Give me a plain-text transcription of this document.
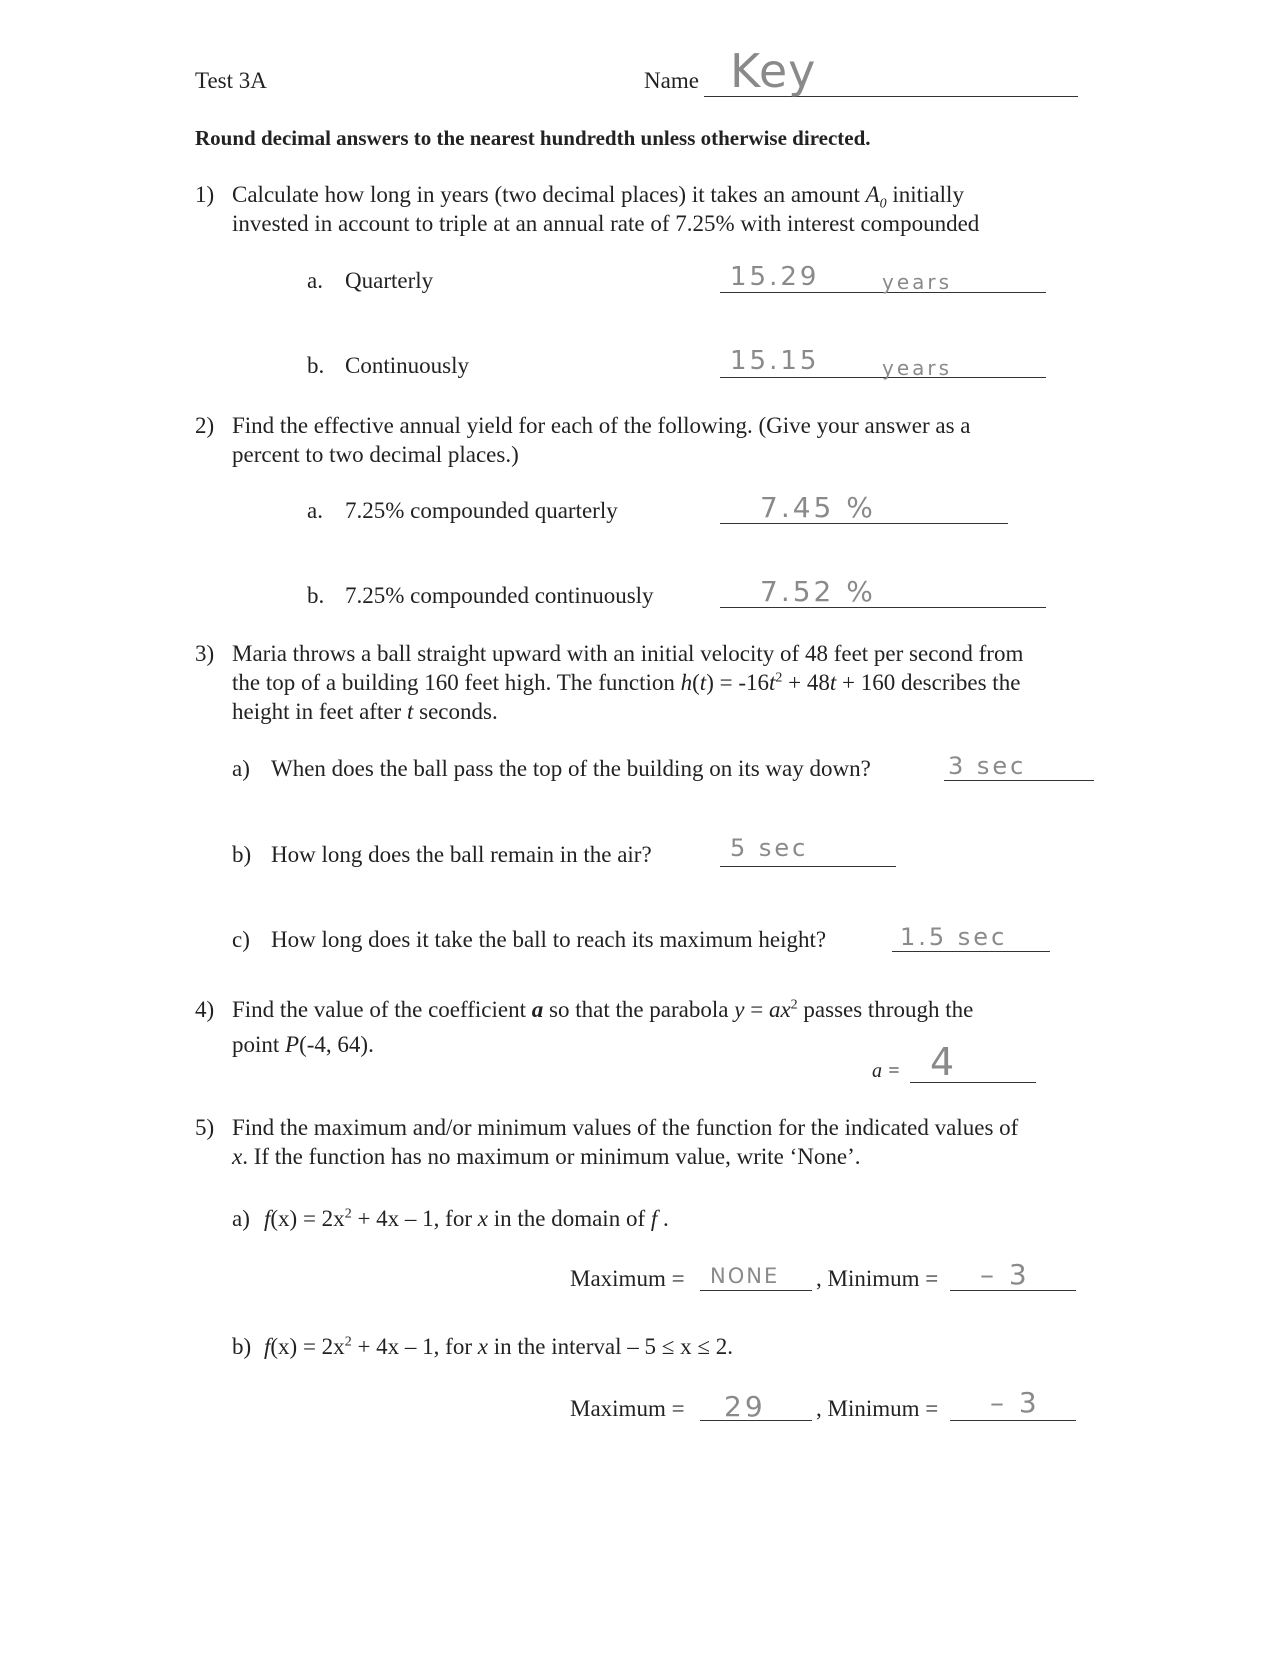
Test 3A	Name Key
Round decimal answers to the nearest hundredth unless otherwise directed.
1) Calculate how long in years (two decimal places) it takes an amount $A_0$ initially
invested in account to triple at an annual rate of 7.25% with interest compounded
a. Quarterly	15.29	years
b. Continuously	15.15	years
2) Find the effective annual yield for each of the following. (Give your answer as a
percent to two decimal places.)
a. 7.25% compounded quarterly	7.45 %
b. 7.25% compounded continuously	7.52 %
3) Maria throws a ball straight upward with an initial velocity of 48 feet per second from
the top of a building 160 feet high. The function $h(t) = -16t^2 + 48t + 160$ describes the
height in feet after t seconds.
a) When does the ball pass the top of the building on its way down?	3 sec
b) How long does the ball remain in the air?	5 sec
c) How long does it take the ball to reach its maximum height?	1.5 sec
4) Find the value of the coefficient a so that the parabola $y = ax^2$ passes through the
point P(-4, 64).
a = 4
5) Find the maximum and/or minimum values of the function for the indicated values of
x. If the function has no maximum or minimum value, write ‘None’.
a) $f(x) = 2x^2 + 4x - 1$, for x in the domain of f .
Maximum = NONE , Minimum = – 3
b) $f(x) = 2x^2 + 4x - 1$, for x in the interval – 5 ≤ x ≤ 2.
Maximum = 29 , Minimum = – 3
